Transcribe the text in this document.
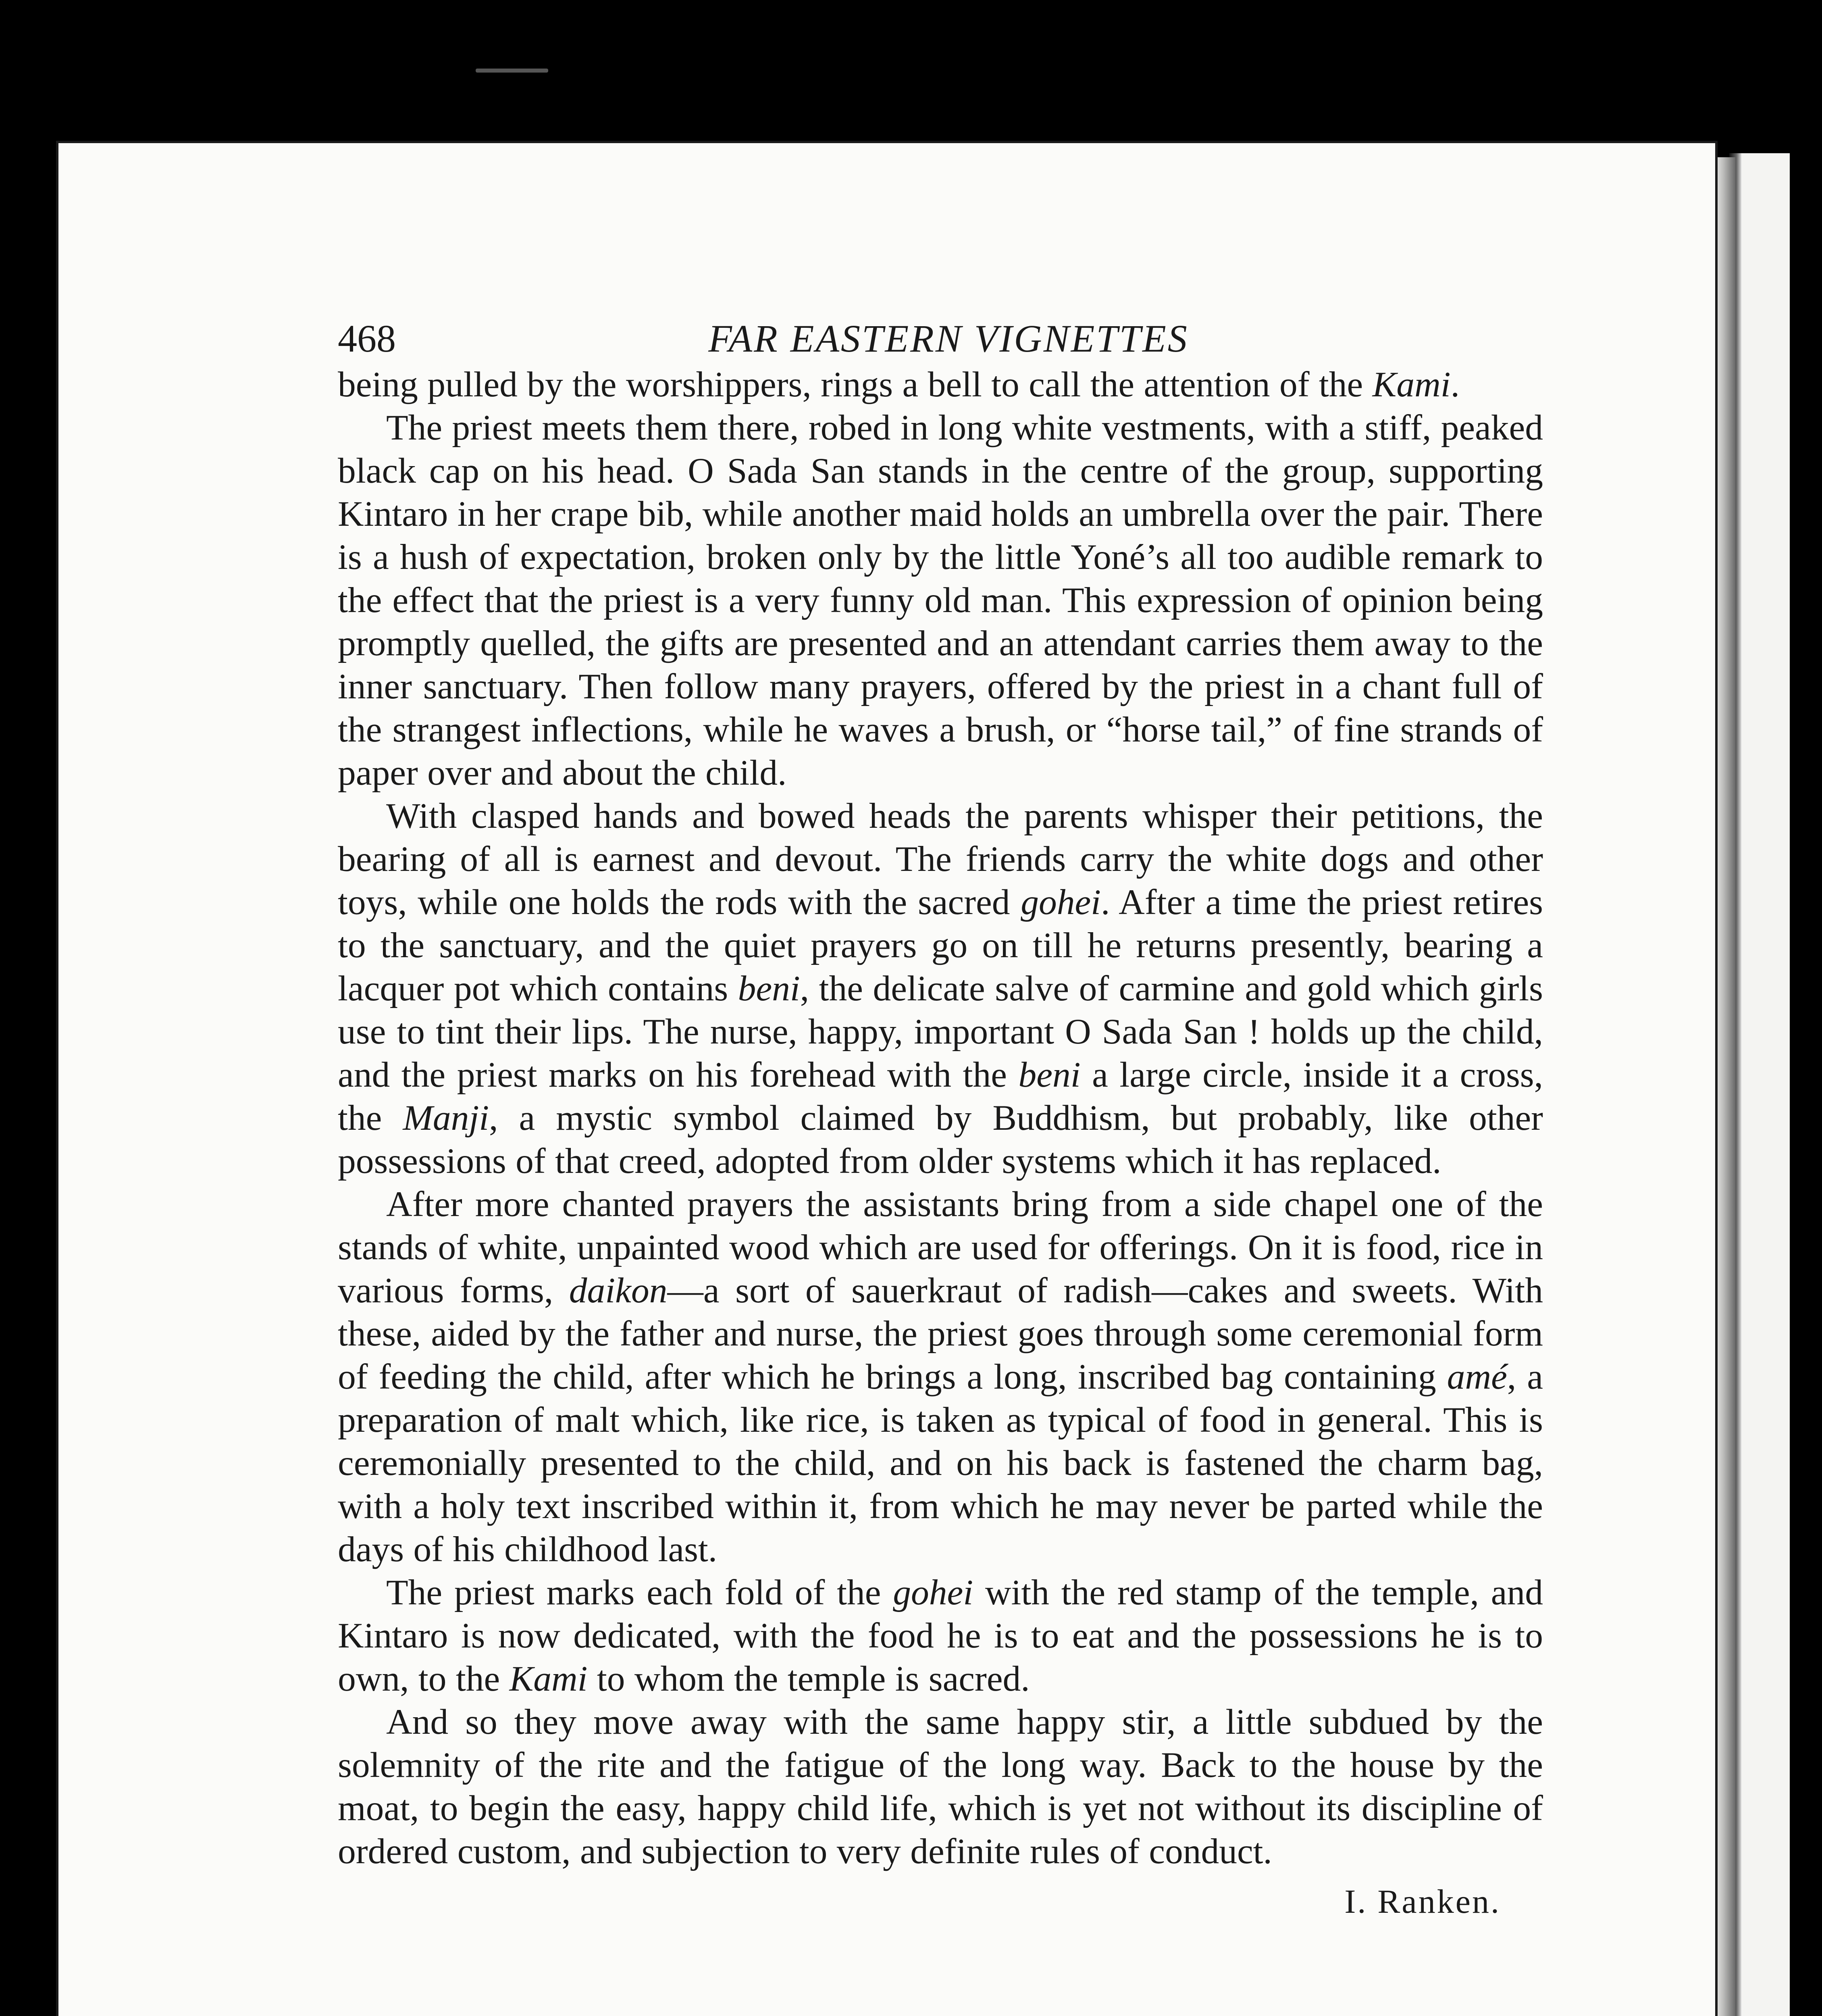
468	FAR EASTERN VIGNETTES

being pulled by the worshippers, rings a bell to call the attention of the Kami.

The priest meets them there, robed in long white vestments, with a stiff, peaked black cap on his head. O Sada San stands in the centre of the group, supporting Kintaro in her crape bib, while another maid holds an umbrella over the pair. There is a hush of expectation, broken only by the little Yoné’s all too audible remark to the effect that the priest is a very funny old man. This expression of opinion being promptly quelled, the gifts are presented and an attendant carries them away to the inner sanctuary. Then follow many prayers, offered by the priest in a chant full of the strangest inflections, while he waves a brush, or “horse tail,” of fine strands of paper over and about the child.

With clasped hands and bowed heads the parents whisper their petitions, the bearing of all is earnest and devout. The friends carry the white dogs and other toys, while one holds the rods with the sacred gohei. After a time the priest retires to the sanctuary, and the quiet prayers go on till he returns presently, bearing a lacquer pot which contains beni, the delicate salve of carmine and gold which girls use to tint their lips. The nurse, happy, important O Sada San ! holds up the child, and the priest marks on his forehead with the beni a large circle, inside it a cross, the Manji, a mystic symbol claimed by Buddhism, but probably, like other possessions of that creed, adopted from older systems which it has replaced.

After more chanted prayers the assistants bring from a side chapel one of the stands of white, unpainted wood which are used for offerings. On it is food, rice in various forms, daikon—a sort of sauerkraut of radish—cakes and sweets. With these, aided by the father and nurse, the priest goes through some ceremonial form of feeding the child, after which he brings a long, inscribed bag containing amé, a preparation of malt which, like rice, is taken as typical of food in general. This is ceremonially presented to the child, and on his back is fastened the charm bag, with a holy text inscribed within it, from which he may never be parted while the days of his childhood last.

The priest marks each fold of the gohei with the red stamp of the temple, and Kintaro is now dedicated, with the food he is to eat and the possessions he is to own, to the Kami to whom the temple is sacred.

And so they move away with the same happy stir, a little subdued by the solemnity of the rite and the fatigue of the long way. Back to the house by the moat, to begin the easy, happy child life, which is yet not without its discipline of ordered custom, and subjection to very definite rules of conduct.

I. Ranken.
